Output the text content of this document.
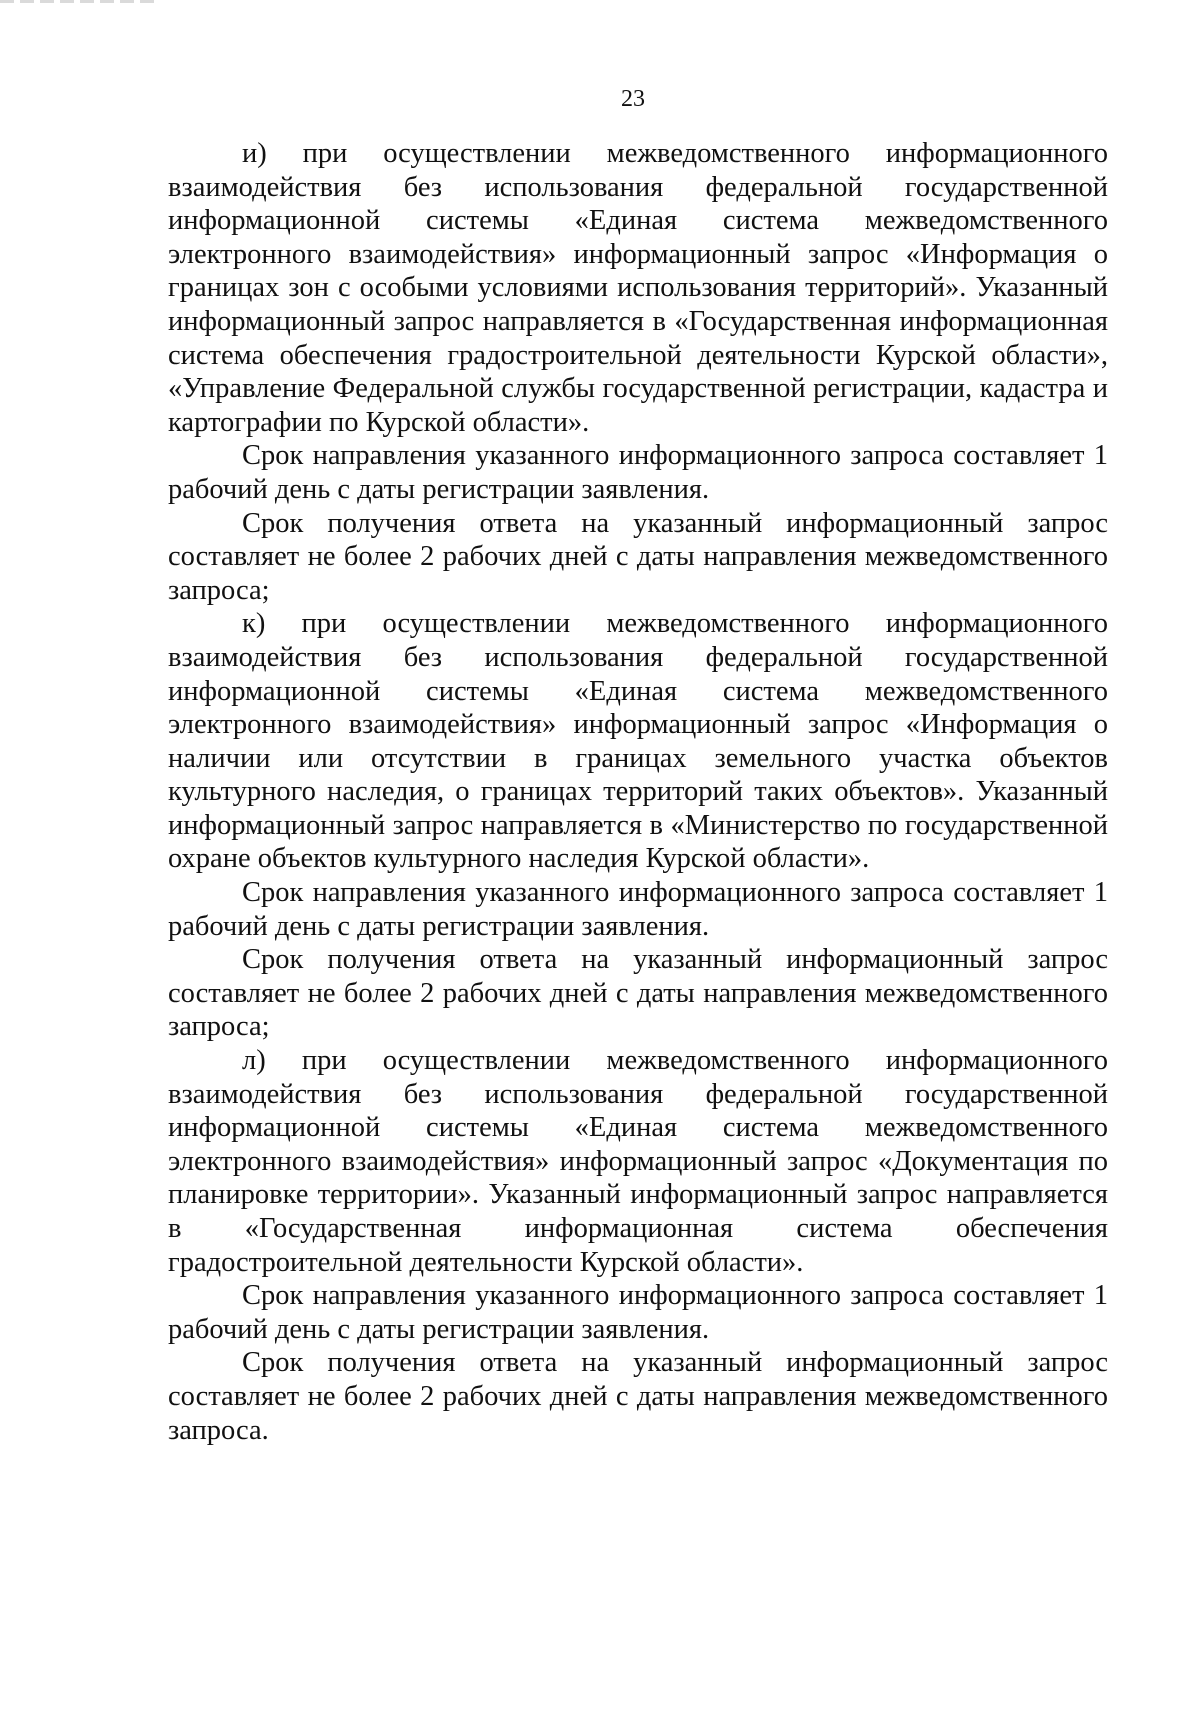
23

и) при осуществлении межведомственного информационного взаимодействия без использования федеральной государственной информационной системы «Единая система межведомственного электронного взаимодействия» информационный запрос «Информация о границах зон с особыми условиями использования территорий». Указанный информационный запрос направляется в «Государственная информационная система обеспечения градостроительной деятельности Курской области», «Управление Федеральной службы государственной регистрации, кадастра и картографии по Курской области».

Срок направления указанного информационного запроса составляет 1 рабочий день с даты регистрации заявления.

Срок получения ответа на указанный информационный запрос составляет не более 2 рабочих дней с даты направления межведомственного запроса;

к) при осуществлении межведомственного информационного взаимодействия без использования федеральной государственной информационной системы «Единая система межведомственного электронного взаимодействия» информационный запрос «Информация о наличии или отсутствии в границах земельного участка объектов культурного наследия, о границах территорий таких объектов». Указанный информационный запрос направляется в «Министерство по государственной охране объектов культурного наследия Курской области».

Срок направления указанного информационного запроса составляет 1 рабочий день с даты регистрации заявления.

Срок получения ответа на указанный информационный запрос составляет не более 2 рабочих дней с даты направления межведомственного запроса;

л) при осуществлении межведомственного информационного взаимодействия без использования федеральной государственной информационной системы «Единая система межведомственного электронного взаимодействия» информационный запрос «Документация по планировке территории». Указанный информационный запрос направляется в «Государственная информационная система обеспечения градостроительной деятельности Курской области».

Срок направления указанного информационного запроса составляет 1 рабочий день с даты регистрации заявления.

Срок получения ответа на указанный информационный запрос составляет не более 2 рабочих дней с даты направления межведомственного запроса.
